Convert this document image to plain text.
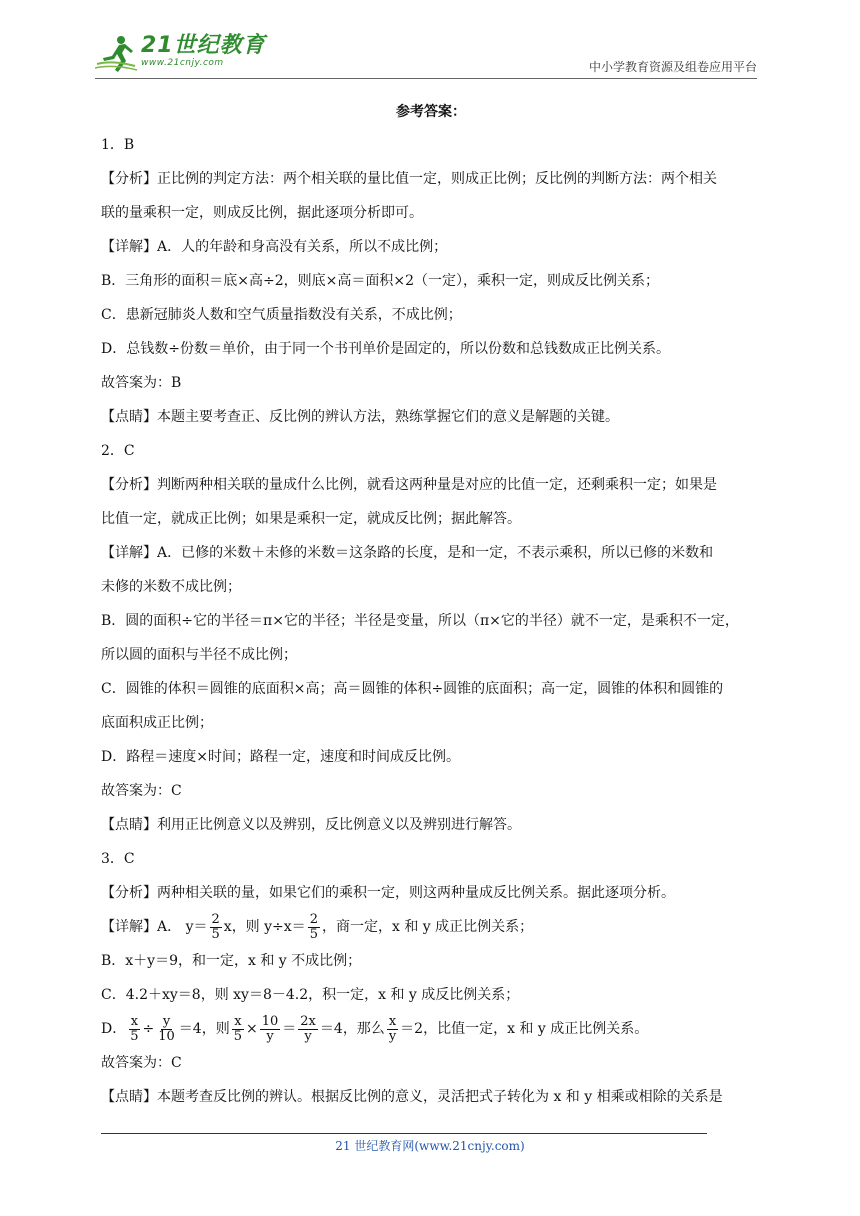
21世纪教育
www.21cnjy.com	中小学教育资源及组卷应用平台
参考答案：
1．B
【分析】正比例的判定方法：两个相关联的量比值一定，则成正比例；反比例的判断方法：两个相关
联的量乘积一定，则成反比例，据此逐项分析即可。
【详解】A．人的年龄和身高没有关系，所以不成比例；
B．三角形的面积＝底×高÷2，则底×高＝面积×2（一定），乘积一定，则成反比例关系；
C．患新冠肺炎人数和空气质量指数没有关系，不成比例；
D．总钱数÷份数＝单价，由于同一个书刊单价是固定的，所以份数和总钱数成正比例关系。
故答案为：B
【点睛】本题主要考查正、反比例的辨认方法，熟练掌握它们的意义是解题的关键。
2．C
【分析】判断两种相关联的量成什么比例，就看这两种量是对应的比值一定，还剩乘积一定；如果是
比值一定，就成正比例；如果是乘积一定，就成反比例；据此解答。
【详解】A．已修的米数＋未修的米数＝这条路的长度，是和一定，不表示乘积，所以已修的米数和
未修的米数不成比例；
B．圆的面积÷它的半径＝π×它的半径；半径是变量，所以（π×它的半径）就不一定，是乘积不一定，
所以圆的面积与半径不成比例；
C．圆锥的体积＝圆锥的底面积×高；高＝圆锥的体积÷圆锥的底面积；高一定，圆锥的体积和圆锥的
底面积成正比例；
D．路程＝速度×时间；路程一定，速度和时间成反比例。
故答案为：C
【点睛】利用正比例意义以及辨别，反比例意义以及辨别进行解答。
3．C
【分析】两种相关联的量，如果它们的乘积一定，则这两种量成反比例关系。据此逐项分析。
【详解】A． $y= \frac{2}{5}$ x，则 $y\div x= \frac{2}{5}$ ，商一定，x 和 y 成正比例关系；
B．x＋y＝9，和一定，x 和 y 不成比例；
C．4.2＋xy＝8，则 xy＝8－4.2，积一定，x 和 y 成反比例关系；
D． $\frac{x}{5} \div \frac{y}{10} =4$，则 $\frac{x}{5} \times \frac{10}{y} = \frac{2x}{y} =4$，那么 $\frac{x}{y} =2$，比值一定，x 和 y 成正比例关系。
故答案为：C
【点睛】本题考查反比例的辨认。根据反比例的意义，灵活把式子转化为 x 和 y 相乘或相除的关系是
21 世纪教育网(www.21cnjy.com)
